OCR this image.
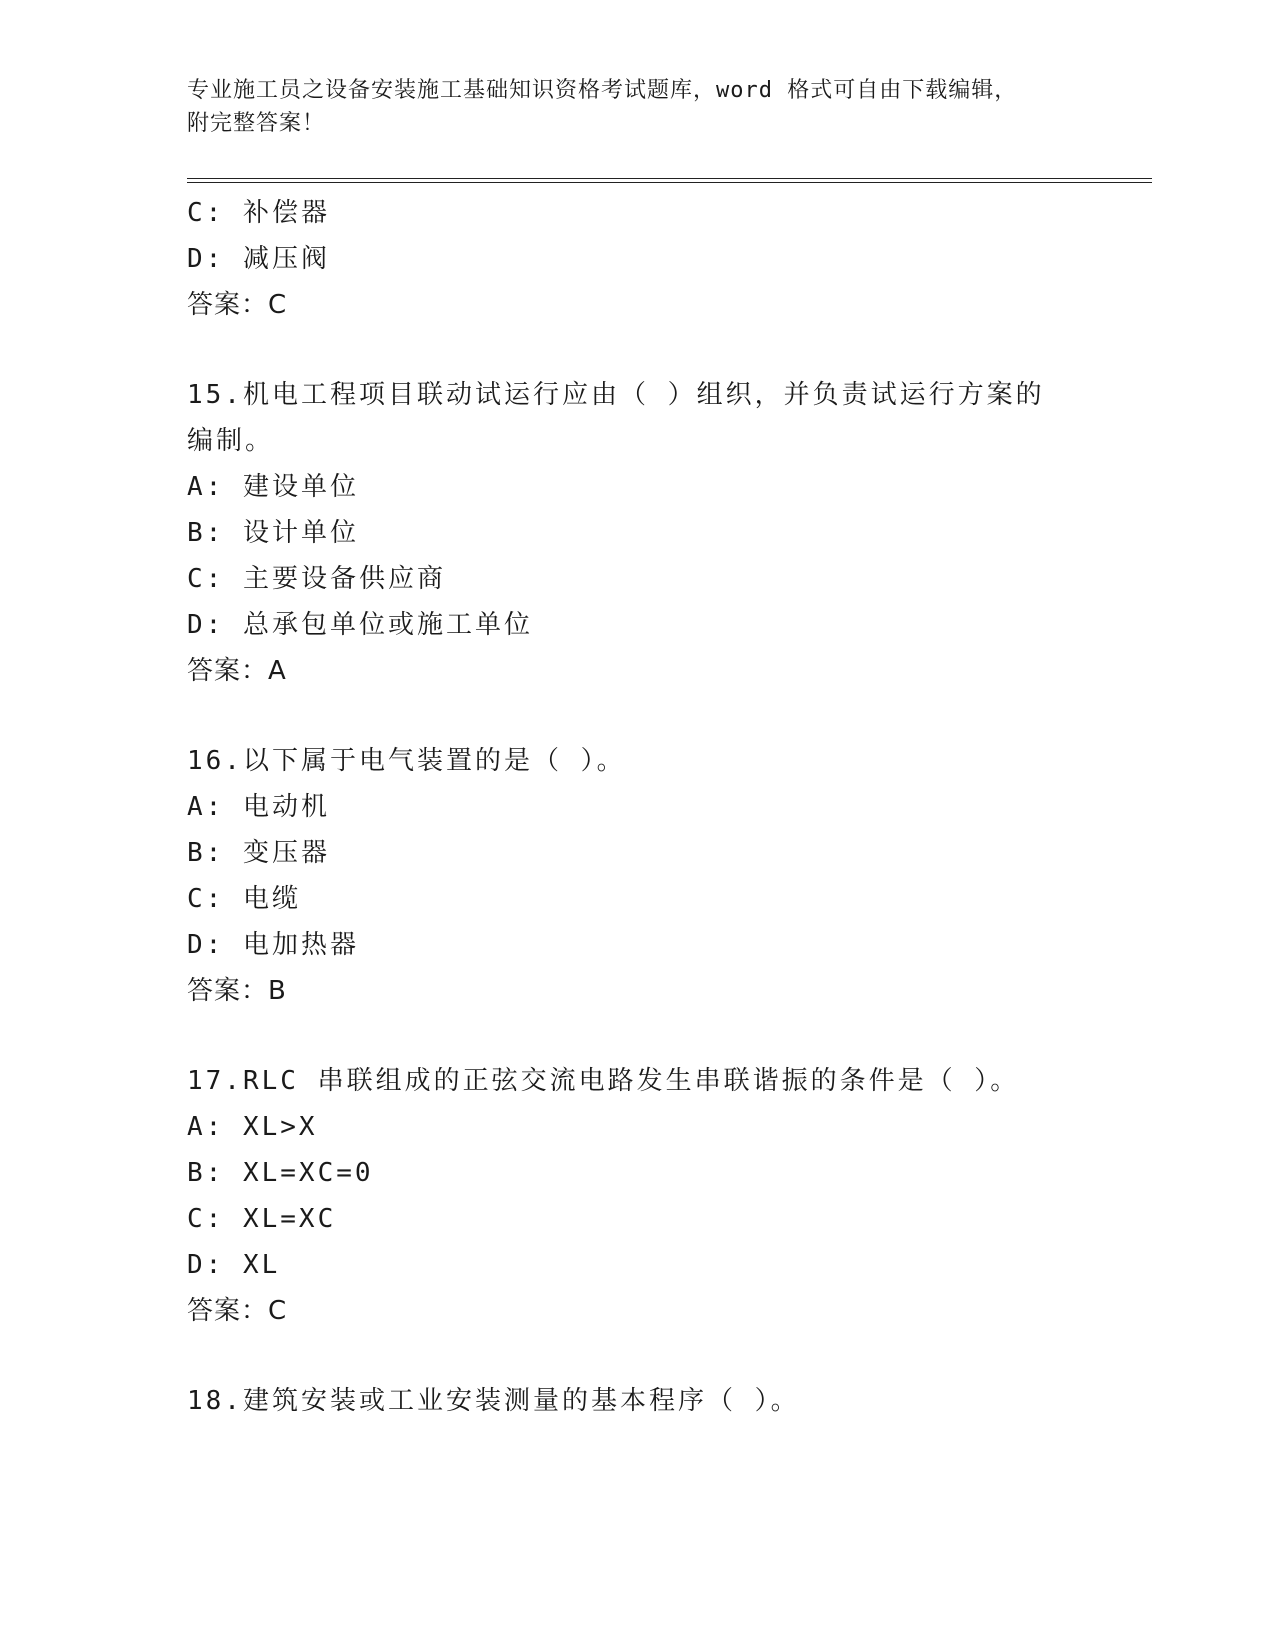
专业施工员之设备安装施工基础知识资格考试题库，word 格式可自由下载编辑，
附完整答案！
C: 补偿器
D: 减压阀
答案：C
15.机电工程项目联动试运行应由（ ）组织，并负责试运行方案的编制。
A: 建设单位
B: 设计单位
C: 主要设备供应商
D: 总承包单位或施工单位
答案：A
16.以下属于电气装置的是（ ）。
A: 电动机
B: 变压器
C: 电缆
D: 电加热器
答案：B
17.RLC 串联组成的正弦交流电路发生串联谐振的条件是（ ）。
A: XL>X
B: XL=XC=0
C: XL=XC
D: XL
答案：C
18.建筑安装或工业安装测量的基本程序（ ）。
